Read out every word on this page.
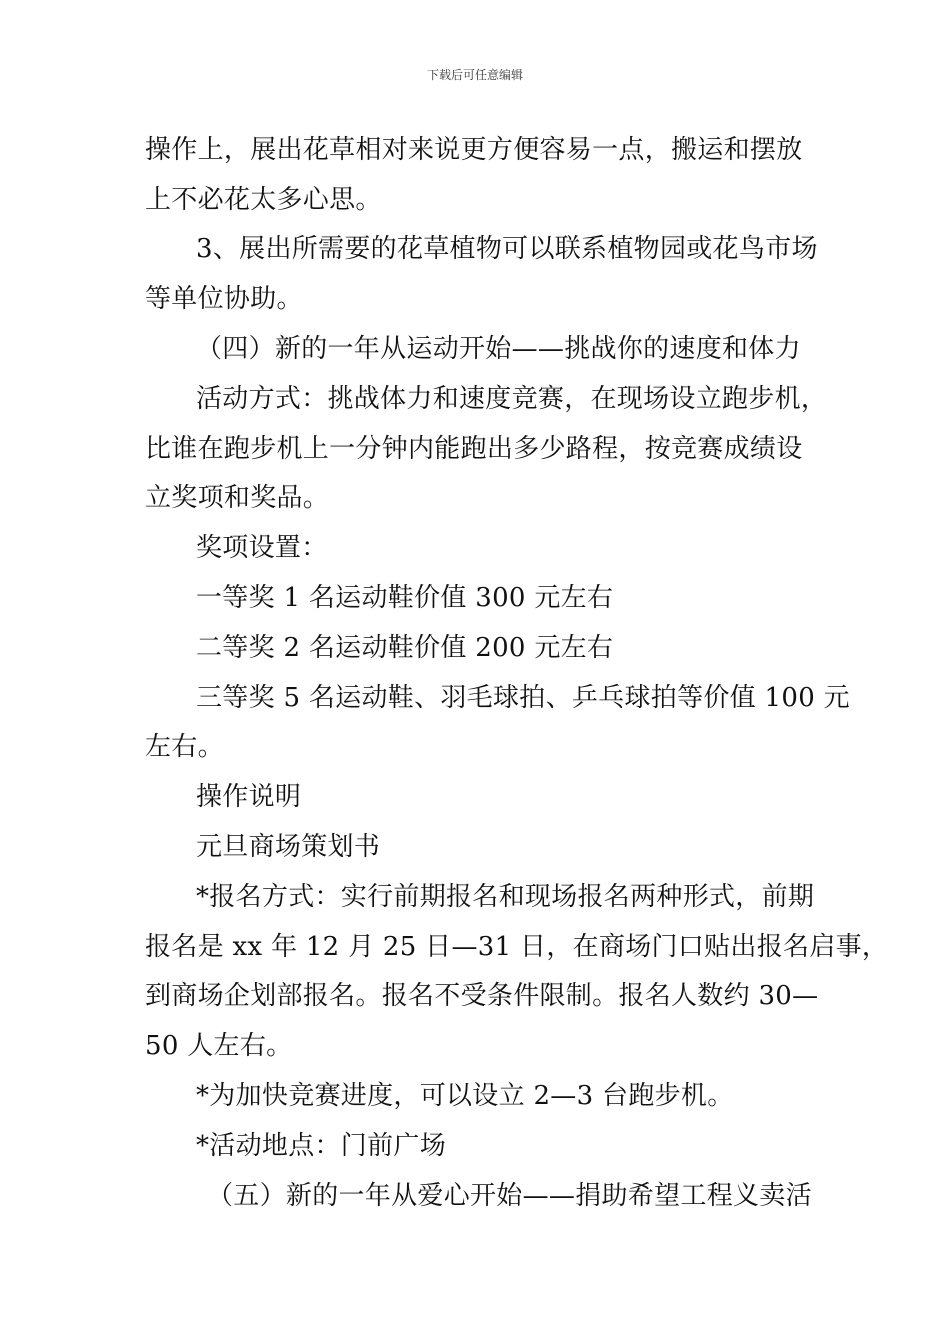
下载后可任意编辑
操作上，展出花草相对来说更方便容易一点，搬运和摆放
上不必花太多心思。
3、展出所需要的花草植物可以联系植物园或花鸟市场
等单位协助。
（四）新的一年从运动开始——挑战你的速度和体力
活动方式：挑战体力和速度竞赛，在现场设立跑步机，
比谁在跑步机上一分钟内能跑出多少路程，按竞赛成绩设
立奖项和奖品。
奖项设置：
一等奖 1 名运动鞋价值 300 元左右
二等奖 2 名运动鞋价值 200 元左右
三等奖 5 名运动鞋、羽毛球拍、乒乓球拍等价值 100 元
左右。
操作说明
元旦商场策划书
*报名方式：实行前期报名和现场报名两种形式，前期
报名是 xx 年 12 月 25 日—31 日，在商场门口贴出报名启事，
到商场企划部报名。报名不受条件限制。报名人数约 30—
50 人左右。
*为加快竞赛进度，可以设立 2—3 台跑步机。
*活动地点：门前广场
（五）新的一年从爱心开始——捐助希望工程义卖活
